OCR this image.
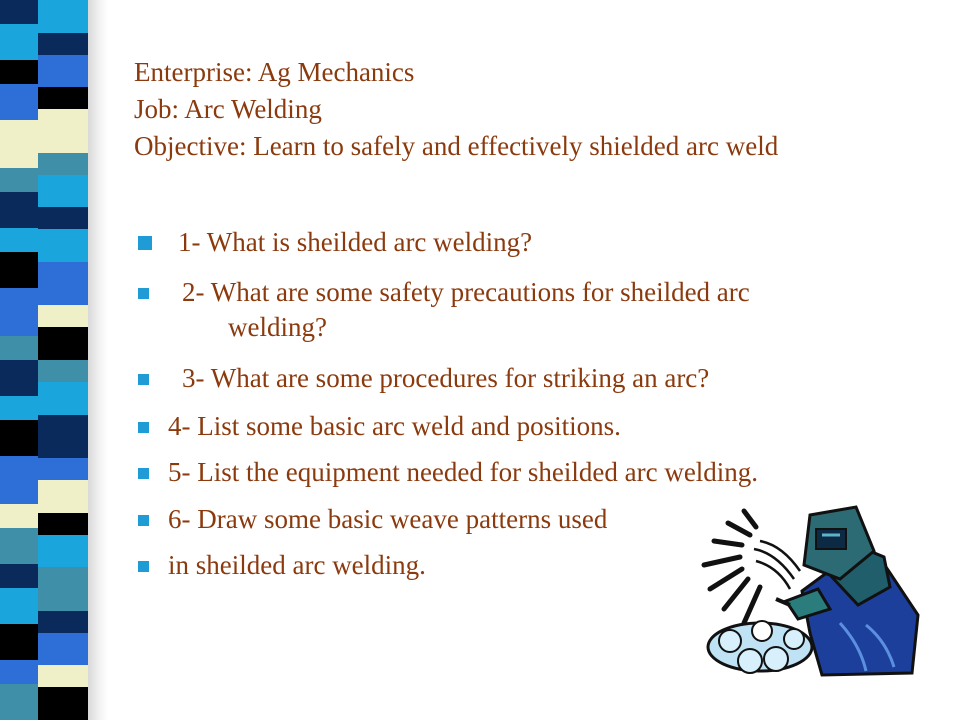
Enterprise: Ag Mechanics
Job: Arc Welding
Objective: Learn to safely and effectively shielded arc weld
1- What is sheilded arc welding?
2- What are some safety precautions for sheilded arc
welding?
3- What are some procedures for striking an arc?
4- List some basic arc weld and positions.
5- List the equipment needed for sheilded arc welding.
6- Draw some basic weave patterns used
in sheilded arc welding.
